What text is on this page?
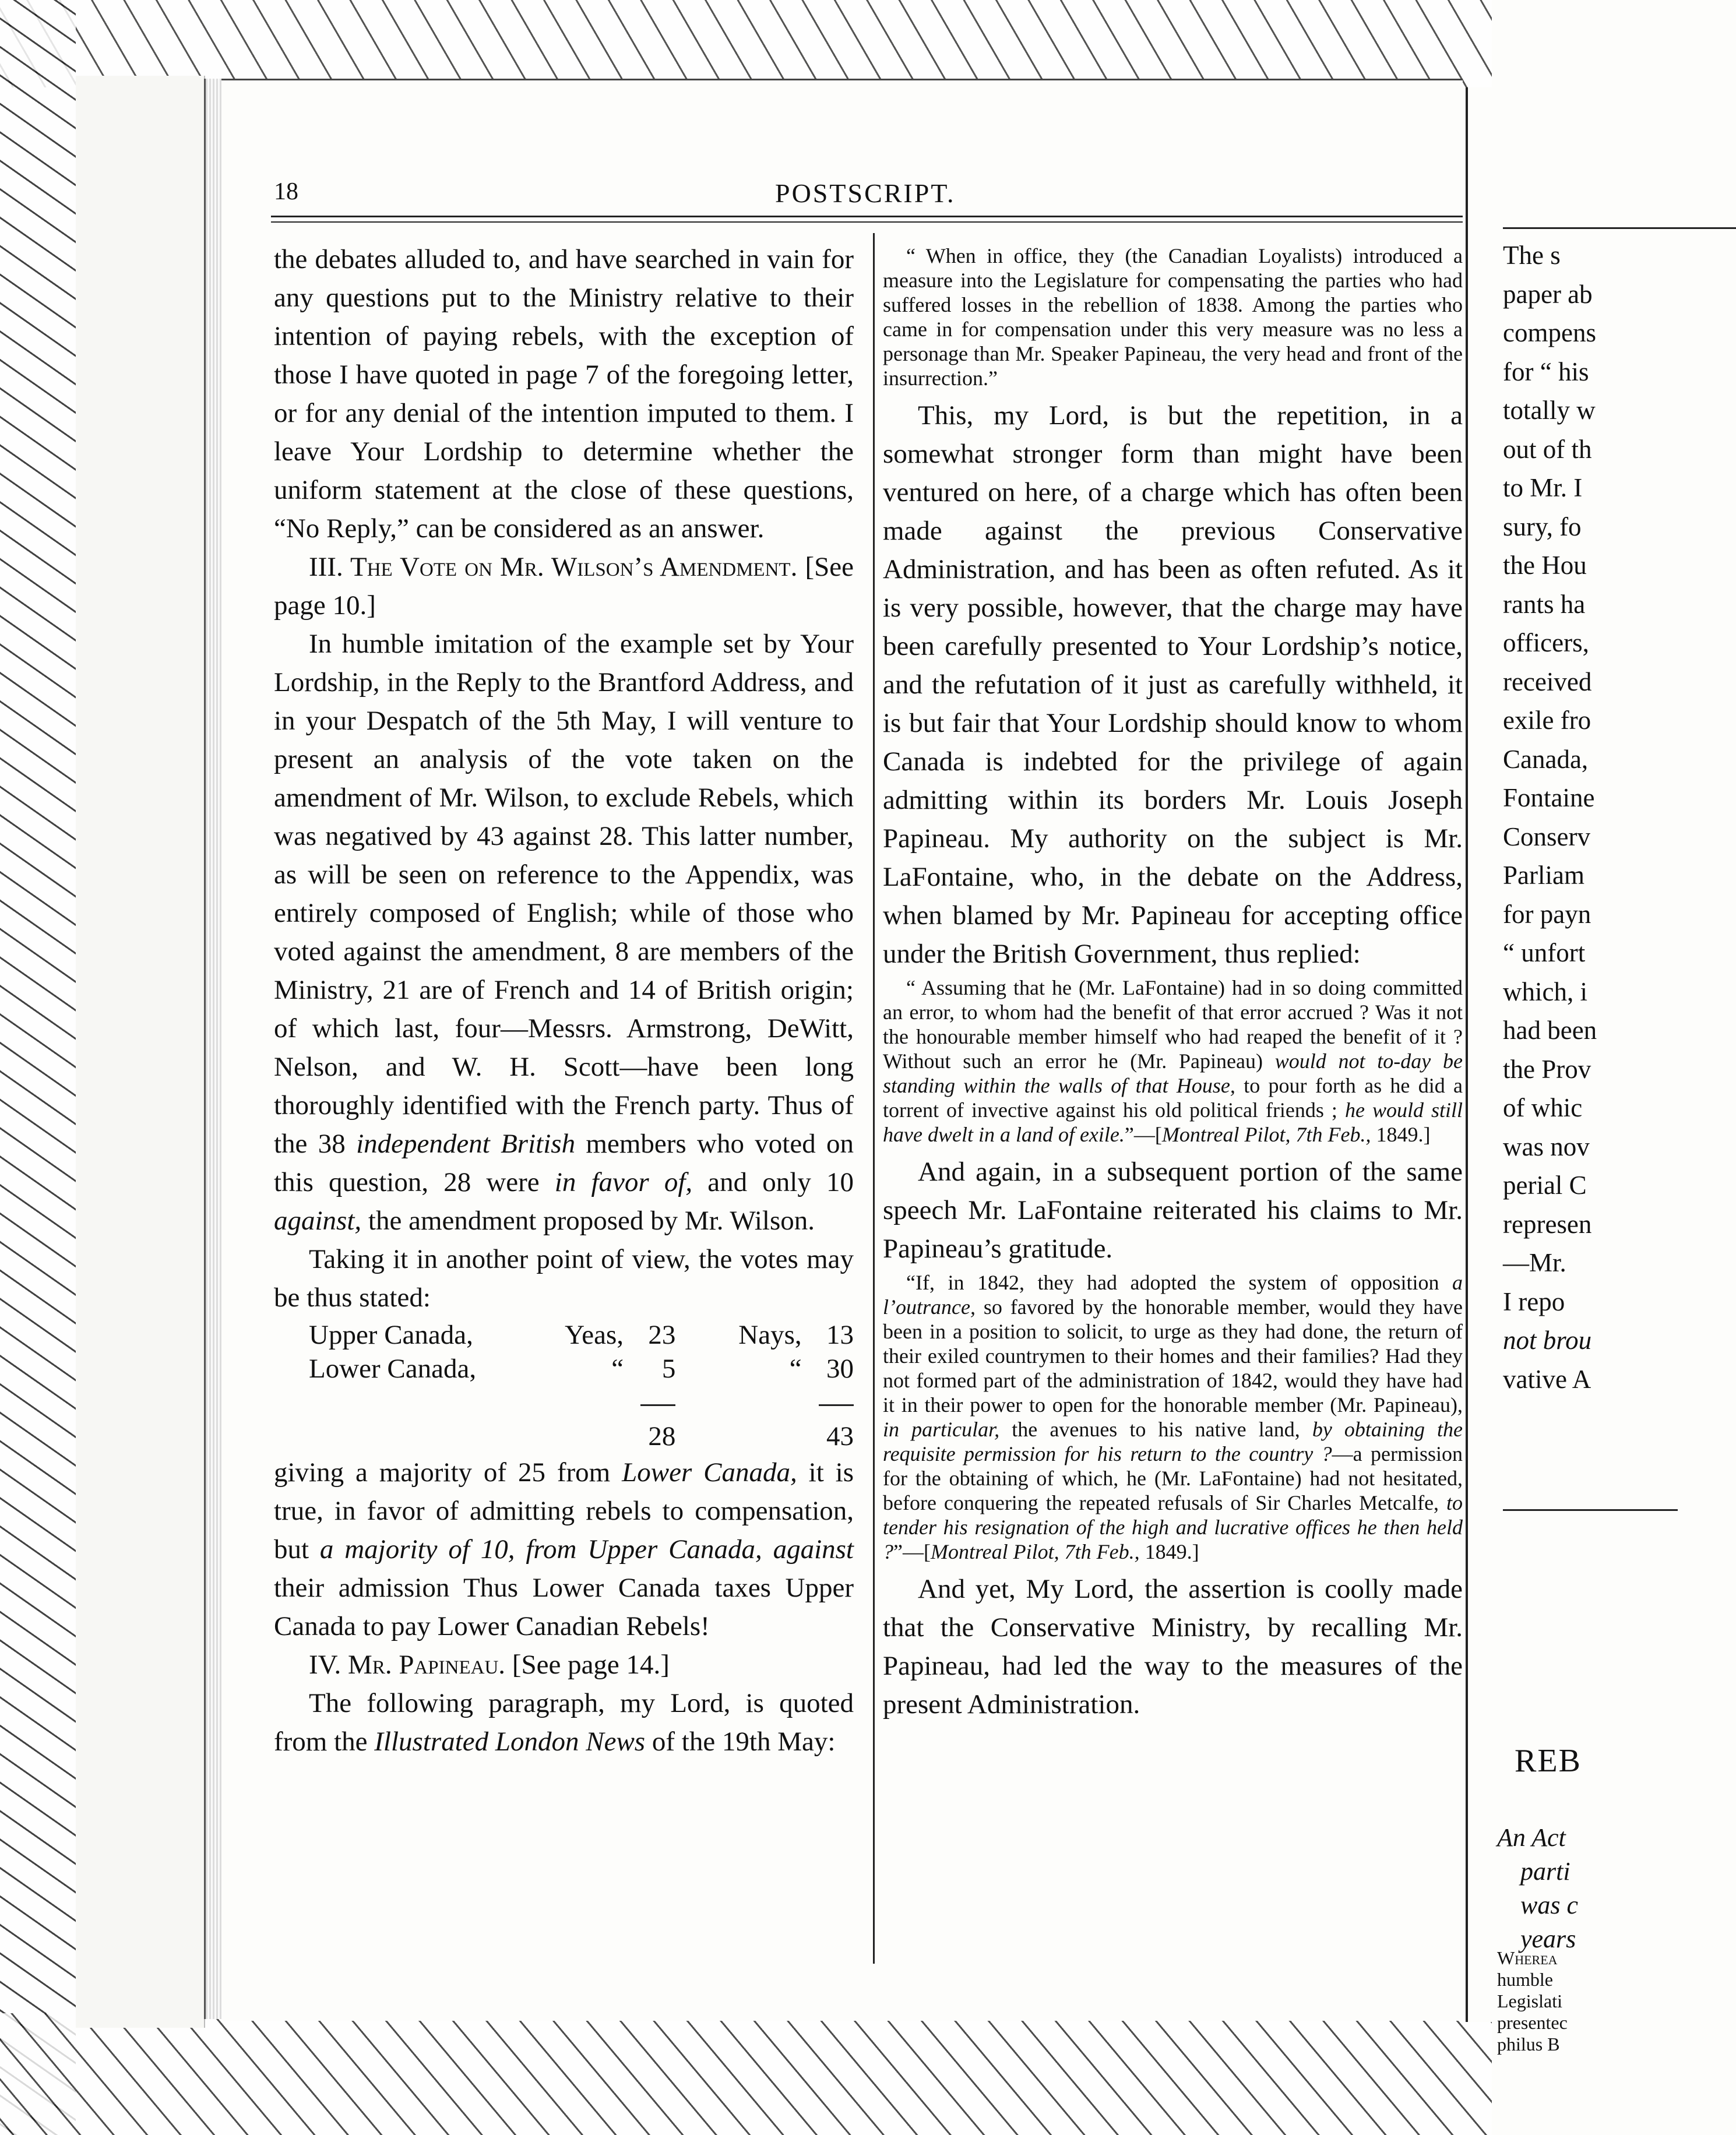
18	POSTSCRIPT.

the debates alluded to, and have searched in vain for any questions put to the Ministry relative to their intention of paying rebels, with the exception of those I have quoted in page 7 of the foregoing letter, or for any denial of the intention imputed to them. I leave Your Lordship to determine whether the uniform statement at the close of these questions, “No Reply,” can be considered as an answer.

III. The Vote on Mr. Wilson’s Amendment. [See page 10.]

In humble imitation of the example set by Your Lordship, in the Reply to the Brantford Address, and in your Despatch of the 5th May, I will venture to present an analysis of the vote taken on the amendment of Mr. Wilson, to exclude Rebels, which was negatived by 43 against 28. This latter number, as will be seen on reference to the Appendix, was entirely composed of English; while of those who voted against the amendment, 8 are members of the Ministry, 21 are of French and 14 of British origin; of which last, four—Messrs. Armstrong, DeWitt, Nelson, and W. H. Scott—have been long thoroughly identified with the French party. Thus of the 38 independent British members who voted on this question, 28 were in favor of, and only 10 against, the amendment proposed by Mr. Wilson.

Taking it in another point of view, the votes may be thus stated:

Upper Canada,	Yeas,	23	Nays,	13
Lower Canada,	“	5	“	30

		28		43

giving a majority of 25 from Lower Canada, it is true, in favor of admitting rebels to compensation, but a majority of 10, from Upper Canada, against their admission Thus Lower Canada taxes Upper Canada to pay Lower Canadian Rebels!

IV. Mr. Papineau. [See page 14.]

The following paragraph, my Lord, is quoted from the Illustrated London News of the 19th May:

“ When in office, they (the Canadian Loyalists) introduced a measure into the Legislature for compensating the parties who had suffered losses in the rebellion of 1838. Among the parties who came in for compensation under this very measure was no less a personage than Mr. Speaker Papineau, the very head and front of the insurrection.”

This, my Lord, is but the repetition, in a somewhat stronger form than might have been ventured on here, of a charge which has often been made against the previous Conservative Administration, and has been as often refuted. As it is very possible, however, that the charge may have been carefully presented to Your Lordship’s notice, and the refutation of it just as carefully withheld, it is but fair that Your Lordship should know to whom Canada is indebted for the privilege of again admitting within its borders Mr. Louis Joseph Papineau. My authority on the subject is Mr. LaFontaine, who, in the debate on the Address, when blamed by Mr. Papineau for accepting office under the British Government, thus replied:

“ Assuming that he (Mr. LaFontaine) had in so doing committed an error, to whom had the benefit of that error accrued ? Was it not the honourable member himself who had reaped the benefit of it ? Without such an error he (Mr. Papineau) would not to-day be standing within the walls of that House, to pour forth as he did a torrent of invective against his old political friends ; he would still have dwelt in a land of exile.”—[Montreal Pilot, 7th Feb., 1849.]

And again, in a subsequent portion of the same speech Mr. LaFontaine reiterated his claims to Mr. Papineau’s gratitude.

“If, in 1842, they had adopted the system of opposition a l’outrance, so favored by the honorable member, would they have been in a position to solicit, to urge as they had done, the return of their exiled countrymen to their homes and their families? Had they not formed part of the administration of 1842, would they have had it in their power to open for the honorable member (Mr. Papineau), in particular, the avenues to his native land, by obtaining the requisite permission for his return to the country ?—a permission for the obtaining of which, he (Mr. LaFontaine) had not hesitated, before conquering the repeated refusals of Sir Charles Metcalfe, to tender his resignation of the high and lucrative offices he then held ?”—[Montreal Pilot, 7th Feb., 1849.]

And yet, My Lord, the assertion is coolly made that the Conservative Ministry, by recalling Mr. Papineau, had led the way to the measures of the present Administration.

The s

paper ab

compens

for “ his

totally w

out of th

to Mr. I

sury, fo

the Hou

rants ha

officers,

received

exile fro

Canada,

Fontaine

Conserv

Parliam

for payn

“ unfort

which, i

had been

the Prov

of whic

was nov

perial C

represen

—Mr.

I repo

not brou

vative A

REB

An Act

parti

was c

years

Wherea

humble

Legislati

presentec

philus B
